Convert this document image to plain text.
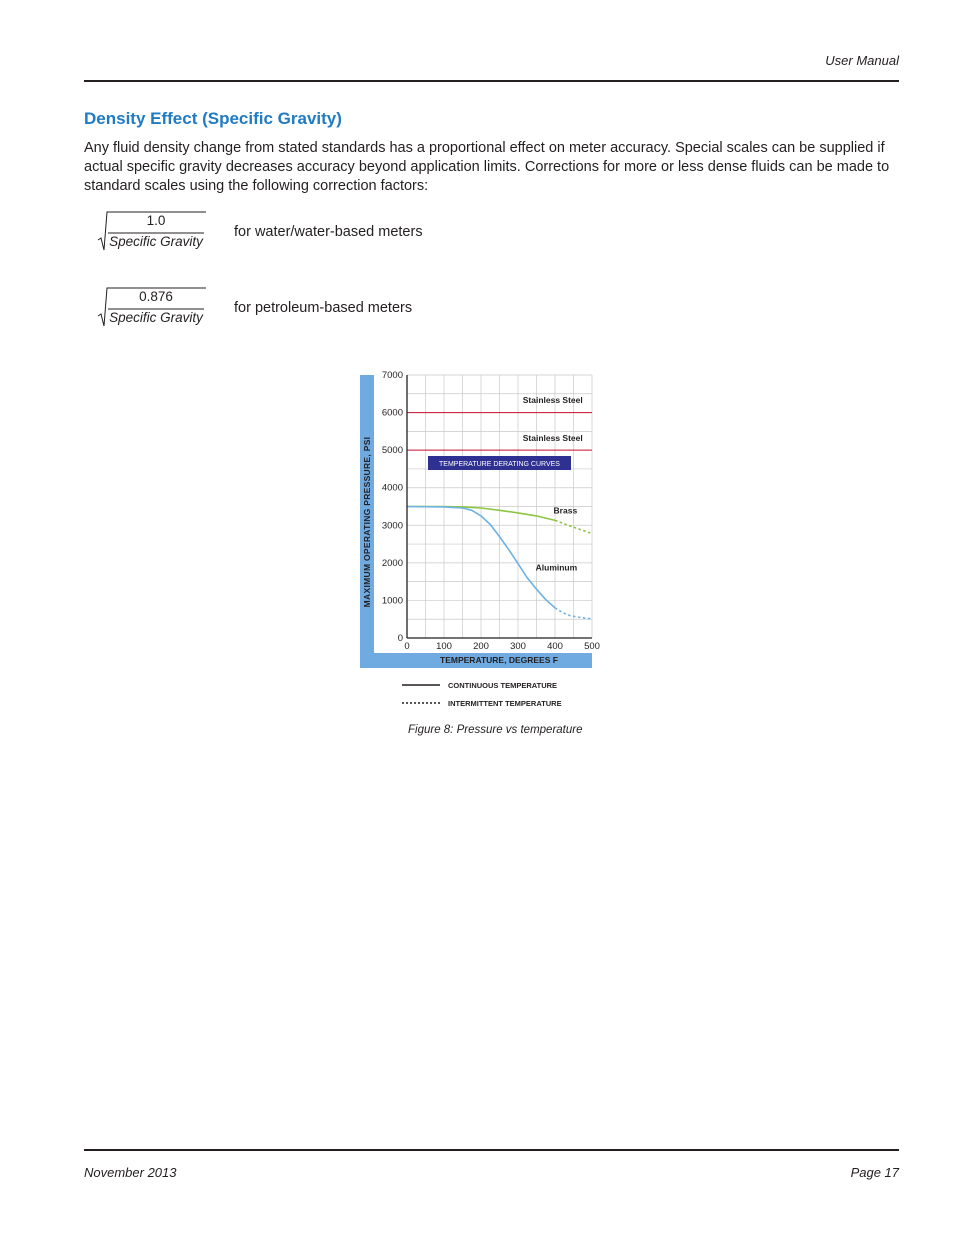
User Manual
Density Effect (Specific Gravity)

Any fluid density change from stated standards has a proportional effect on meter accuracy. Special scales can be supplied if actual specific gravity decreases accuracy beyond application limits. Corrections for more or less dense fluids can be made to standard scales using the following correction factors:

1.0
Specific Gravity
for water/water-based meters
0.876
Specific Gravity
for petroleum-based meters
Stainless Steel
Stainless Steel
Brass
Aluminum
0
1000
2000
3000
4000
5000
6000
7000
0	100 200 300 400 500
MAXIMUM OPERATING PRESSURE, PSI
TEMPERATURE, DEGREES F
TEMPERATURE DERATING CURVES
CONTINUOUS TEMPERATURE
INTERMITTENT TEMPERATURE
Figure 8: Pressure vs temperature
November 2013	Page 17
